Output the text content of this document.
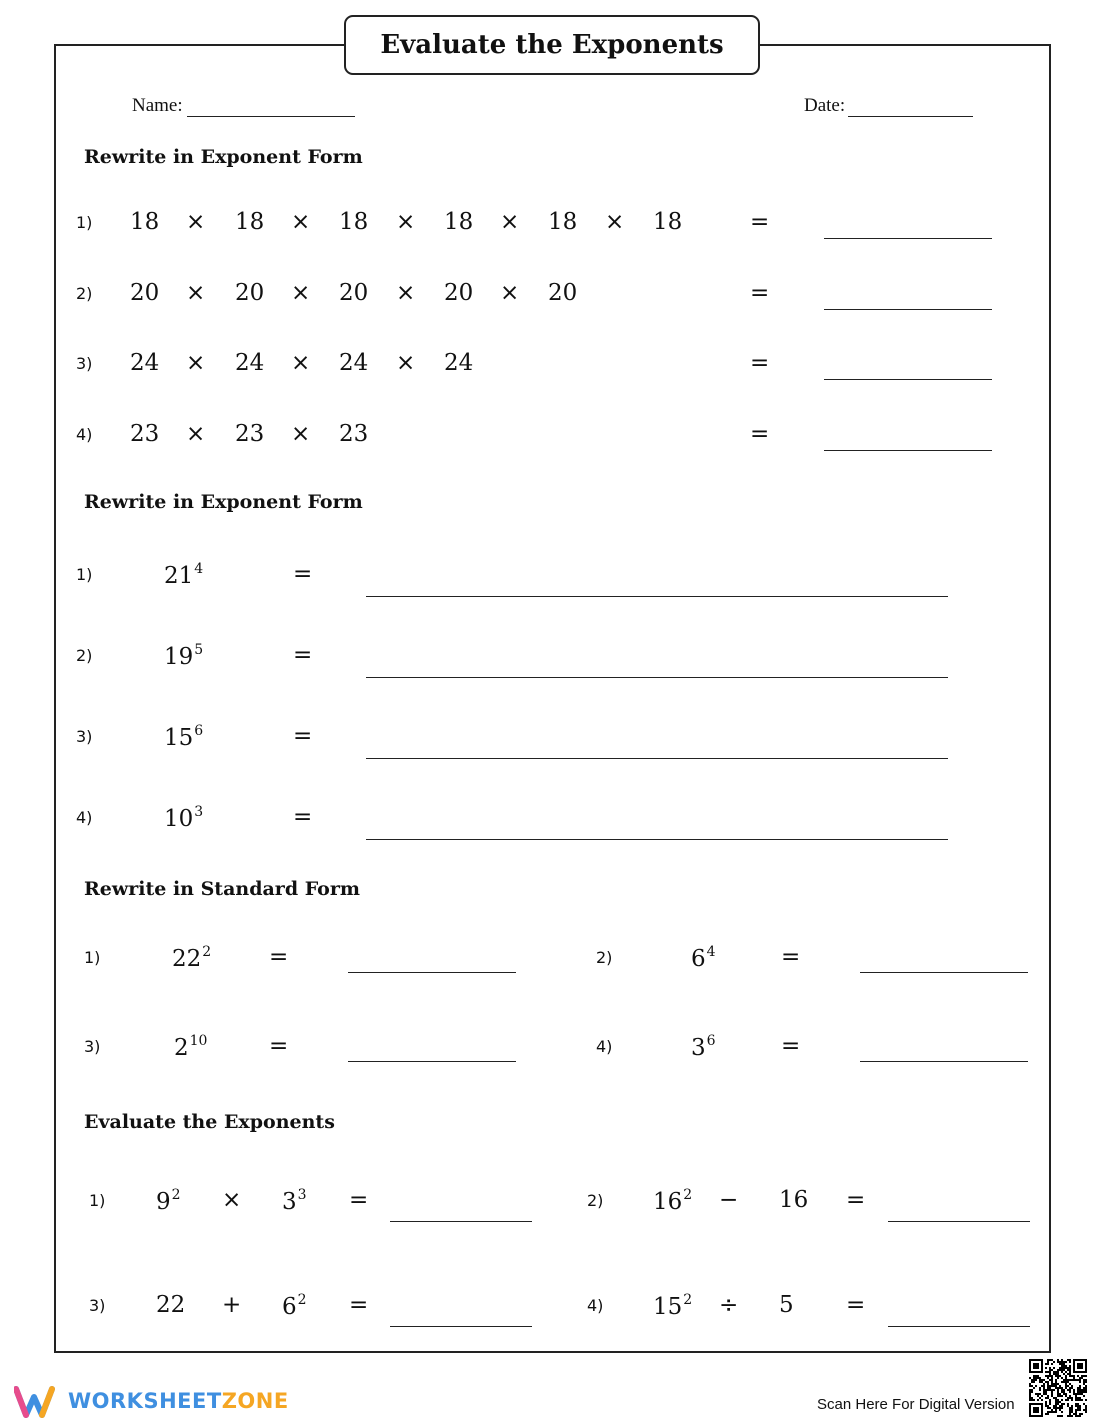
Evaluate the Exponents
Name:	Date:
Rewrite in Exponent Form
1) 18 × 18 × 18 × 18 × 18 × 18	=
2) 20 × 20 × 20 × 20 × 20	=
3) 24 × 24 × 24 × 24	=
4) 23 × 23 × 23	=
Rewrite in Exponent Form
1)	$21^4$	=
2)	$19^5$	=
3)	$15^6$	=
4)	$10^3$	=
Rewrite in Standard Form
1)	$22^2$	=	2)	$6^4$	=
3)	$2^{10}$	=	4)	$3^6$	=
Evaluate the Exponents
1) $9^2 \times 3^3$ =	2) $16^2 - 16$ =
3) $22 + 6^2$ =	4) $15^2 \div 5$ =
WORKSHEETZONE	Scan Here For Digital Version
